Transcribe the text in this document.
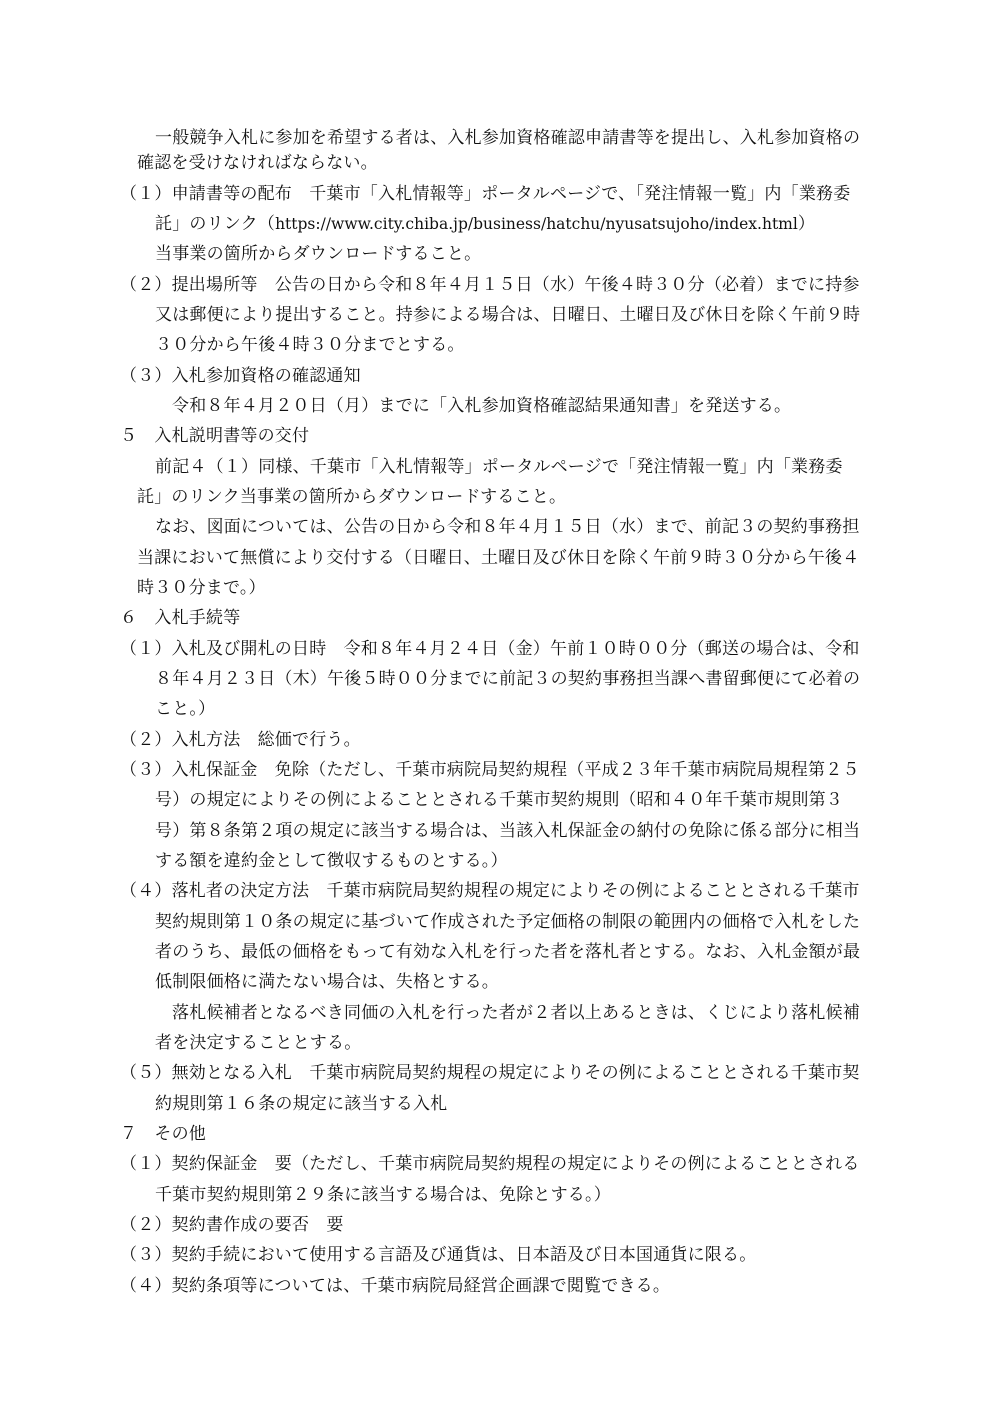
一般競争入札に参加を希望する者は、入札参加資格確認申請書等を提出し、入札参加資格の
確認を受けなければならない。
（１）申請書等の配布　千葉市「入札情報等」ポータルページで、「発注情報一覧」内「業務委
託」のリンク（https://www.city.chiba.jp/business/hatchu/nyusatsujoho/index.html）
当事業の箇所からダウンロードすること。
（２）提出場所等　公告の日から令和８年４月１５日（水）午後４時３０分（必着）までに持参
又は郵便により提出すること。持参による場合は、日曜日、土曜日及び休日を除く午前９時
３０分から午後４時３０分までとする。
（３）入札参加資格の確認通知
令和８年４月２０日（月）までに「入札参加資格確認結果通知書」を発送する。
５　入札説明書等の交付
前記４（１）同様、千葉市「入札情報等」ポータルページで「発注情報一覧」内「業務委
託」のリンク当事業の箇所からダウンロードすること。
なお、図面については、公告の日から令和８年４月１５日（水）まで、前記３の契約事務担
当課において無償により交付する（日曜日、土曜日及び休日を除く午前９時３０分から午後４
時３０分まで。）
６　入札手続等
（１）入札及び開札の日時　令和８年４月２４日（金）午前１０時００分（郵送の場合は、令和
８年４月２３日（木）午後５時００分までに前記３の契約事務担当課へ書留郵便にて必着の
こと。）
（２）入札方法　総価で行う。
（３）入札保証金　免除（ただし、千葉市病院局契約規程（平成２３年千葉市病院局規程第２５
号）の規定によりその例によることとされる千葉市契約規則（昭和４０年千葉市規則第３
号）第８条第２項の規定に該当する場合は、当該入札保証金の納付の免除に係る部分に相当
する額を違約金として徴収するものとする。）
（４）落札者の決定方法　千葉市病院局契約規程の規定によりその例によることとされる千葉市
契約規則第１０条の規定に基づいて作成された予定価格の制限の範囲内の価格で入札をした
者のうち、最低の価格をもって有効な入札を行った者を落札者とする。なお、入札金額が最
低制限価格に満たない場合は、失格とする。
落札候補者となるべき同価の入札を行った者が２者以上あるときは、くじにより落札候補
者を決定することとする。
（５）無効となる入札　千葉市病院局契約規程の規定によりその例によることとされる千葉市契
約規則第１６条の規定に該当する入札
７　その他
（１）契約保証金　要（ただし、千葉市病院局契約規程の規定によりその例によることとされる
千葉市契約規則第２９条に該当する場合は、免除とする。）
（２）契約書作成の要否　要
（３）契約手続において使用する言語及び通貨は、日本語及び日本国通貨に限る。
（４）契約条項等については、千葉市病院局経営企画課で閲覧できる。
